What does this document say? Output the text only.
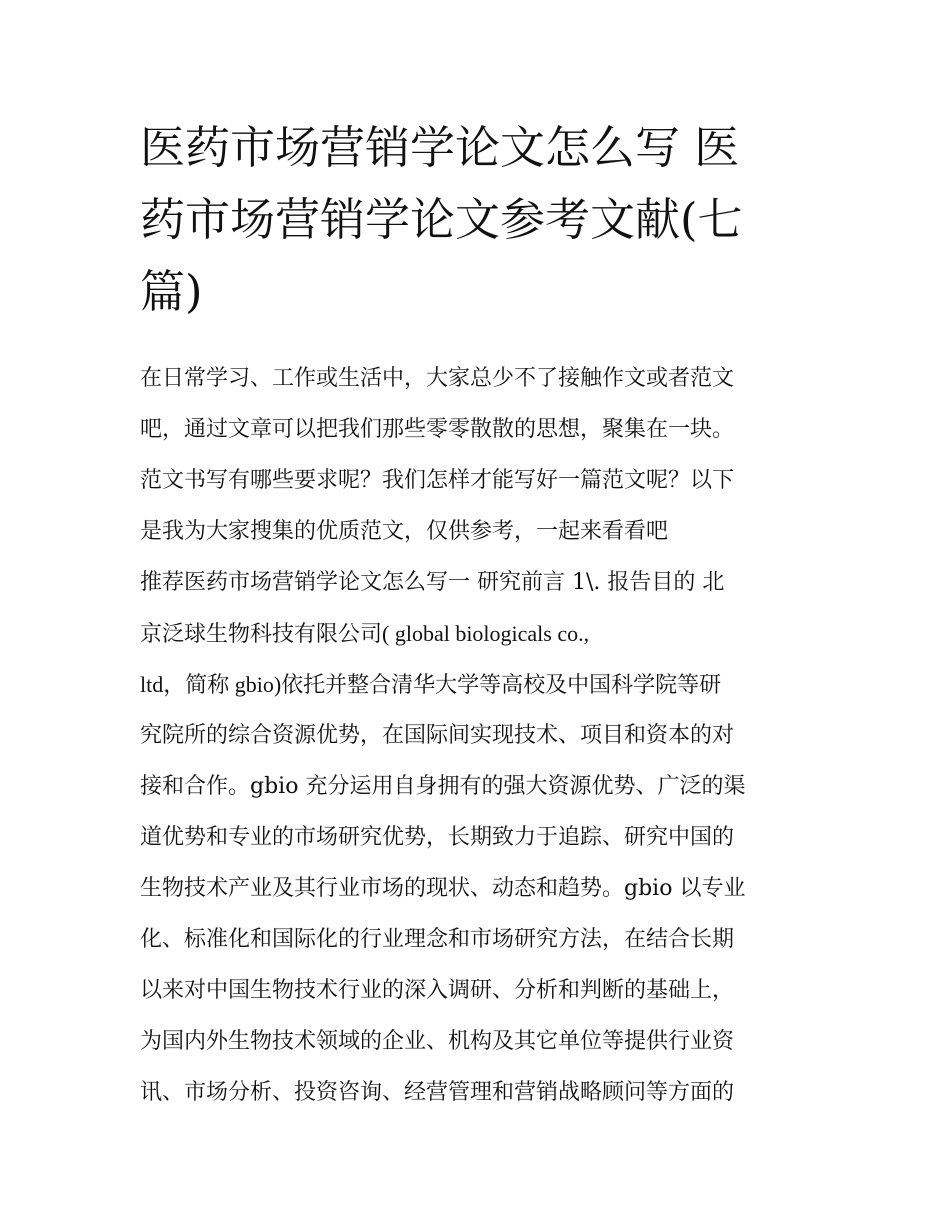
医药市场营销学论文怎么写 医
药市场营销学论文参考文献(七
篇)
在日常学习、工作或生活中，大家总少不了接触作文或者范文
吧，通过文章可以把我们那些零零散散的思想，聚集在一块。
范文书写有哪些要求呢？我们怎样才能写好一篇范文呢？以下
是我为大家搜集的优质范文，仅供参考，一起来看看吧
推荐医药市场营销学论文怎么写一 研究前言 1\. 报告目的 北
京泛球生物科技有限公司( global biologicals co.,
ltd，简称 gbio)依托并整合清华大学等高校及中国科学院等研
究院所的综合资源优势，在国际间实现技术、项目和资本的对
接和合作。gbio 充分运用自身拥有的强大资源优势、广泛的渠
道优势和专业的市场研究优势，长期致力于追踪、研究中国的
生物技术产业及其行业市场的现状、动态和趋势。gbio 以专业
化、标准化和国际化的行业理念和市场研究方法，在结合长期
以来对中国生物技术行业的深入调研、分析和判断的基础上，
为国内外生物技术领域的企业、机构及其它单位等提供行业资
讯、市场分析、投资咨询、经营管理和营销战略顾问等方面的
